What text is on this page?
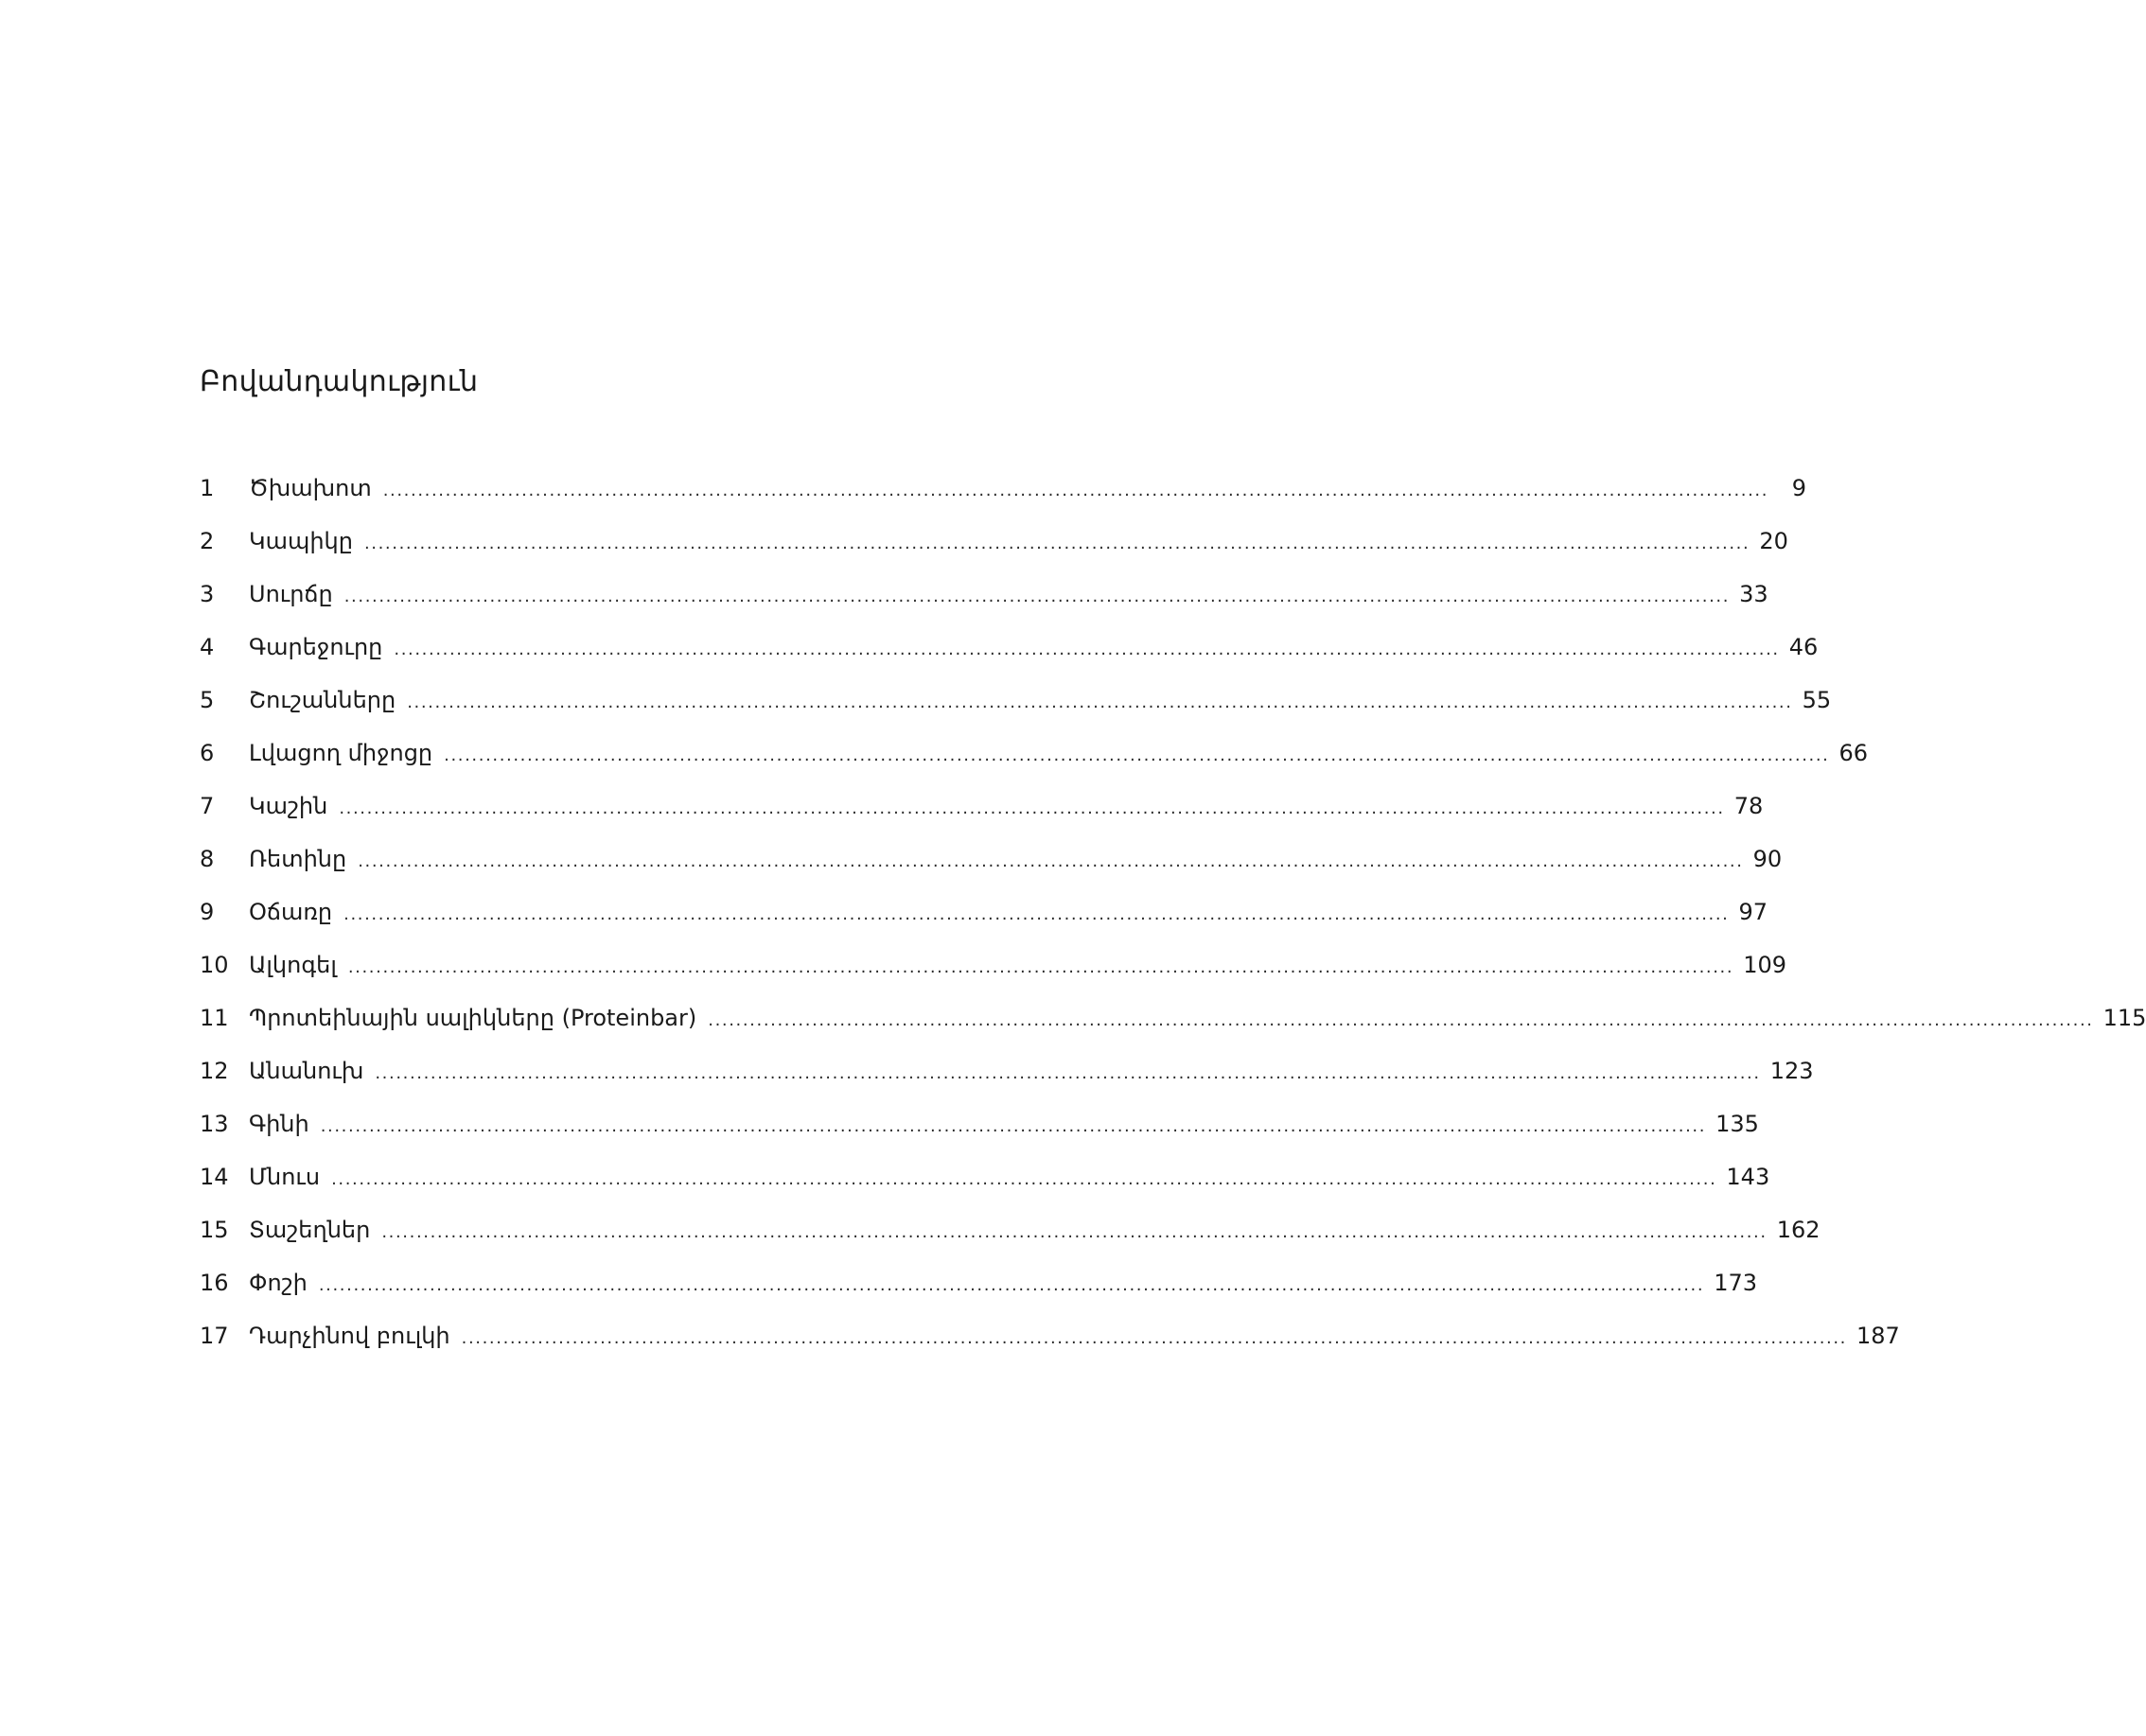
Բովանդակություն
1	Ծխախոտ ........................................................................................................................................................................................................	9
2	Կապիկը ........................................................................................................................................................................................................ 20
3	Սուրճը ........................................................................................................................................................................................................ 33
4	Գարեջուրը ........................................................................................................................................................................................................ 46
5	Շուշանները ........................................................................................................................................................................................................ 55
6	Լվացող միջոցը ........................................................................................................................................................................................................ 66
7	Կաշին ........................................................................................................................................................................................................ 78
8	Ռետինը ........................................................................................................................................................................................................ 90
9	Օճառը ........................................................................................................................................................................................................ 97
10 Ալկոգել ........................................................................................................................................................................................................ 109
11 Պրոտեինային սալիկները (Proteinbar) ........................................................................................................................................................................................................ 115
12 Անանուխ ........................................................................................................................................................................................................ 123
13 Գինի ........................................................................................................................................................................................................ 135
14 Մնուս ........................................................................................................................................................................................................ 143
15 Տաշեղներ ........................................................................................................................................................................................................ 162
16 Փոշի ........................................................................................................................................................................................................ 173
17 Դարչինով բուլկի ........................................................................................................................................................................................................ 187
